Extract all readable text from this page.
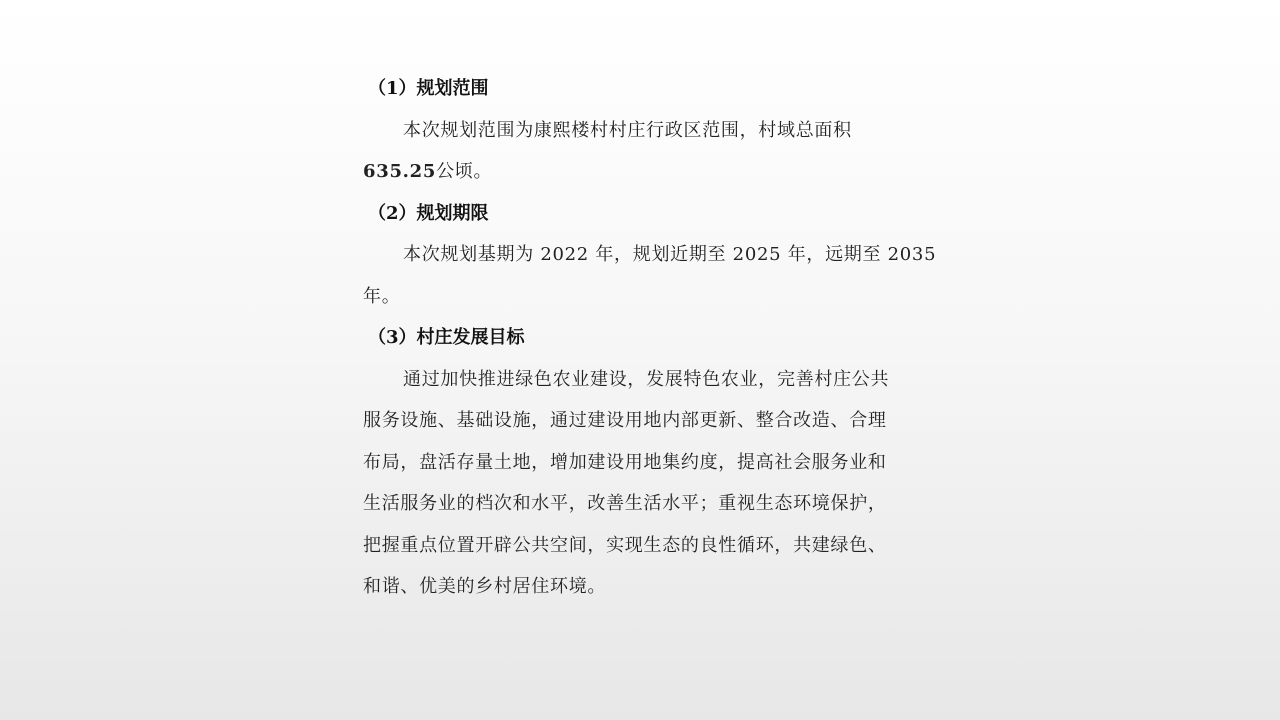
（1）规划范围
本次规划范围为康熙楼村村庄行政区范围，村域总面积
635.25公顷。
（2）规划期限
本次规划基期为 2022 年，规划近期至 2025 年，远期至 2035
年。
（3）村庄发展目标
通过加快推进绿色农业建设，发展特色农业，完善村庄公共
服务设施、基础设施，通过建设用地内部更新、整合改造、合理
布局，盘活存量土地，增加建设用地集约度，提高社会服务业和
生活服务业的档次和水平，改善生活水平；重视生态环境保护，
把握重点位置开辟公共空间，实现生态的良性循环，共建绿色、
和谐、优美的乡村居住环境。
